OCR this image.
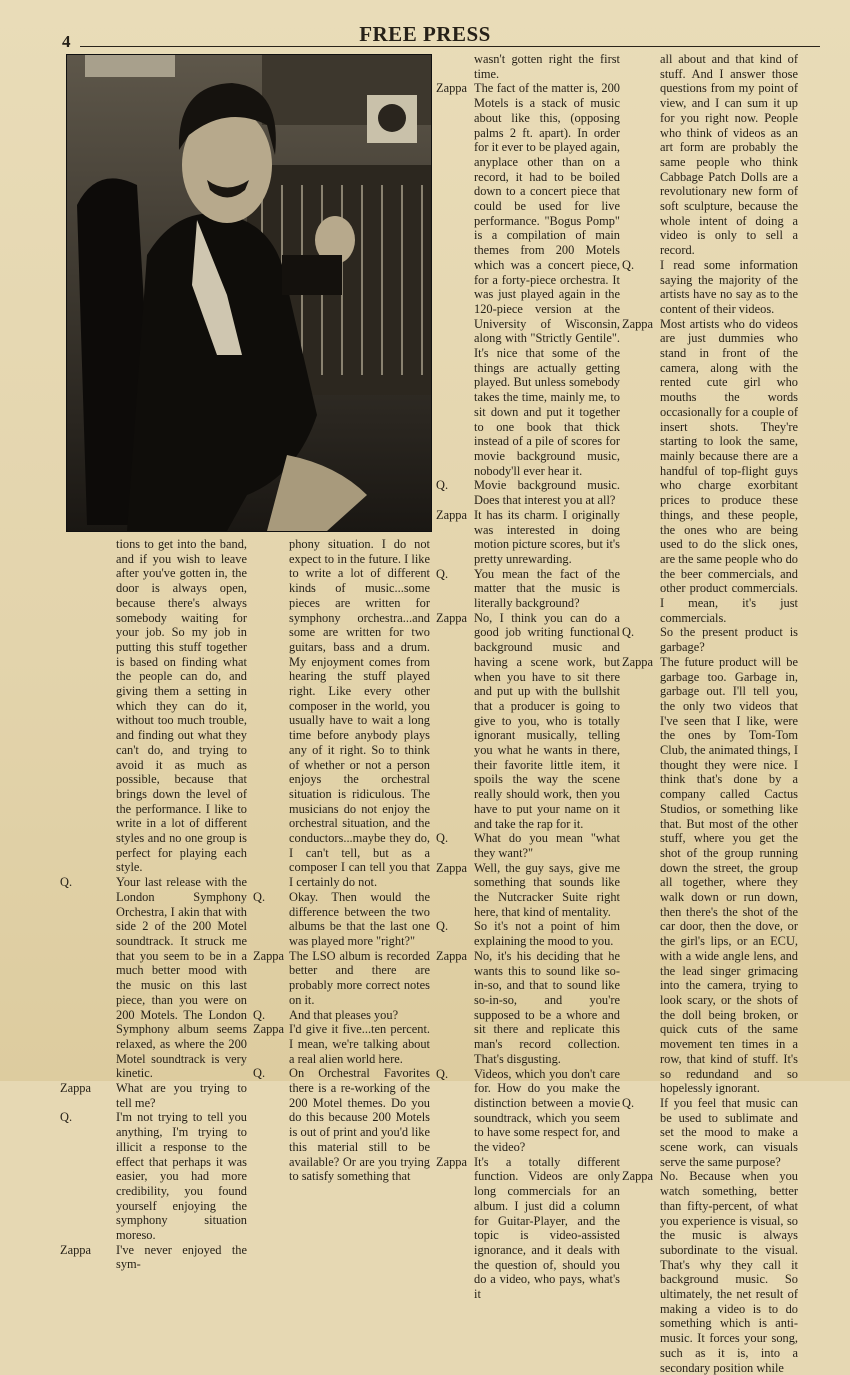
4	FREE PRESS
tions to get into the band, and if you wish to leave after you've gotten in, the door is always open, because there's always somebody waiting for your job. So my job in putting this stuff together is based on finding what the people can do, and giving them a setting in which they can do it, without too much trouble, and finding out what they can't do, and trying to avoid it as much as possible, because that brings down the level of the performance. I like to write in a lot of different styles and no one group is perfect for playing each style.
Q.	Your last release with the London Symphony Orchestra, I akin that with side 2 of the 200 Motel soundtrack. It struck me that you seem to be in a much better mood with the music on this last piece, than you were on 200 Motels. The London Symphony album seems relaxed, as where the 200 Motel soundtrack is very kinetic.
Zappa	What are you trying to tell me?
Q.	I'm not trying to tell you anything, I'm trying to illicit a response to the effect that perhaps it was easier, you had more credibility, you found yourself enjoying the symphony situation moreso.
Zappa	I've never enjoyed the sym-
phony situation. I do not expect to in the future. I like to write a lot of different kinds of music...some pieces are written for symphony orchestra...and some are written for two guitars, bass and a drum. My enjoyment comes from hearing the stuff played right. Like every other composer in the world, you usually have to wait a long time before anybody plays any of it right. So to think of whether or not a person enjoys the orchestral situation is ridiculous. The musicians do not enjoy the orchestral situation, and the conductors...maybe they do, I can't tell, but as a composer I can tell you that I certainly do not.
Q.	Okay. Then would the difference between the two albums be that the last one was played more "right?"
Zappa The LSO album is recorded better and there are probably more correct notes on it.
Q.	And that pleases you?
Zappa I'd give it five...ten percent. I mean, we're talking about a real alien world here.
Q.	On Orchestral Favorites there is a re-working of the 200 Motel themes. Do you do this because 200 Motels is out of print and you'd like this material still to be available? Or are you trying to satisfy something that
wasn't gotten right the first time.
Zappa The fact of the matter is, 200 Motels is a stack of music about like this, (opposing palms 2 ft. apart). In order for it ever to be played again, anyplace other than on a record, it had to be boiled down to a concert piece that could be used for live performance. "Bogus Pomp" is a compilation of main themes from 200 Motels which was a concert piece, for a forty-piece orchestra. It was just played again in the 120-piece version at the University of Wisconsin, along with "Strictly Gentile". It's nice that some of the things are actually getting played. But unless somebody takes the time, mainly me, to sit down and put it together to one book that thick instead of a pile of scores for movie background music, nobody'll ever hear it.
Q.	Movie background music. Does that interest you at all?
Zappa It has its charm. I originally was interested in doing motion picture scores, but it's pretty unrewarding.
Q.	You mean the fact of the matter that the music is literally background?
Zappa No, I think you can do a good job writing functional background music and having a scene work, but when you have to sit there and put up with the bullshit that a producer is going to give to you, who is totally ignorant musically, telling you what he wants in there, their favorite little item, it spoils the way the scene really should work, then you have to put your name on it and take the rap for it.
Q.	What do you mean "what they want?"
Zappa Well, the guy says, give me something that sounds like the Nutcracker Suite right here, that kind of mentality.
Q.	So it's not a point of him explaining the mood to you.
Zappa No, it's his deciding that he wants this to sound like so-in-so, and that to sound like so-in-so, and you're supposed to be a whore and sit there and replicate this man's record collection. That's disgusting.
Q.	Videos, which you don't care for. How do you make the distinction between a movie soundtrack, which you seem to have some respect for, and the video?
Zappa It's a totally different function. Videos are only long commercials for an album. I just did a column for Guitar-Player, and the topic is video-assisted ignorance, and it deals with the question of, should you do a video, who pays, what's it
all about and that kind of stuff. And I answer those questions from my point of view, and I can sum it up for you right now. People who think of videos as an art form are probably the same people who think Cabbage Patch Dolls are a revolutionary new form of soft sculpture, because the whole intent of doing a video is only to sell a record.
Q.	I read some information saying the majority of the artists have no say as to the content of their videos.
Zappa Most artists who do videos are just dummies who stand in front of the camera, along with the rented cute girl who mouths the words occasionally for a couple of insert shots. They're starting to look the same, mainly because there are a handful of top-flight guys who charge exorbitant prices to produce these things, and these people, the ones who are being used to do the slick ones, are the same people who do the beer commercials, and other product commercials. I mean, it's just commercials.
Q.	So the present product is garbage?
Zappa The future product will be garbage too. Garbage in, garbage out. I'll tell you, the only two videos that I've seen that I like, were the ones by Tom-Tom Club, the animated things, I thought they were nice. I think that's done by a company called Cactus Studios, or something like that. But most of the other stuff, where you get the shot of the group running down the street, the group all together, where they walk down or run down, then there's the shot of the car door, then the dove, or the girl's lips, or an ECU, with a wide angle lens, and the lead singer grimacing into the camera, trying to look scary, or the shots of the doll being broken, or quick cuts of the same movement ten times in a row, that kind of stuff. It's so redundand and so hopelessly ignorant.
Q.	If you feel that music can be used to sublimate and set the mood to make a scene work, can visuals serve the same purpose?
Zappa No. Because when you watch something, better than fifty-percent, of what you experience is visual, so the music is always subordinate to the visual. That's why they call it background music. So ultimately, the net result of making a video is to do something which is anti-music. It forces your song, such as it is, into a secondary position while
